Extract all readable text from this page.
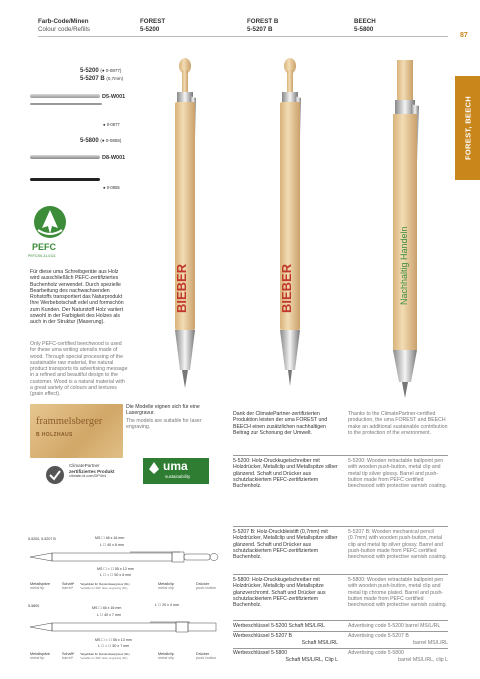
Farb-Code/Minen
Colour code/Refills
FOREST
5-5200
FOREST B
5-5207 B
BEECH
5-5800
87
FOREST, BEECH
5-5200 (● 0-0877)
5-5207 B (0,7mm)
D5-W001
● 0-0877
5-5800 (● 0-0855)
D8-W001
● 0-0855
PEFC
PEFC/06-31-0111
Für diese uma Schreibgeräte aus Holz wird ausschließlich PEFC-zertifiziertes Buchenholz verwendet. Durch spezielle Bearbeitung des nachwachsenden Rohstoffs transportiert das Naturprodukt Ihre Werbebotschaft edel und formschön zum Kunden. Der Naturstoff Holz variiert sowohl in der Farbigkeit des Holzes als auch in der Struktur (Maserung).
Only PEFC-certified beechwood is used for these uma writing utensils made of wood. Through special processing of the sustainable raw material, the natural product transports its advertising message in a refined and beautiful design to the customer. Wood is a natural material with a great variety of colours and textures (grain effect).
frammelsberger
B HOLZHAUS
Die Modelle eignen sich für eine Lasergravur.
The models are suitable for laser engraving.
BIEBER	BIEBER	Nachhaltig Handeln
Dank der ClimatePartner-zertifizierten Produktion leisten der uma FOREST und BEECH einen zusätzlichen nachhaltigen Beitrag zur Schonung der Umwelt.
Thanks to the ClimatePartner-certified production, the uma FOREST and BEECH make an additional sustainable contribution to the protection of the environment.
ClimatePartner
zertifiziertes Produkt
climate-id.com/DP4h4
uma
sustainability
5-5200: Holz-Druckkugelschreiber mit Holzdrücker, Metallclip und Metallspitze silber glänzend. Schaft und Drücker aus schutzlackiertem PEFC-zertifiziertem Buchenholz.
5-5200: Wooden retractable ballpoint pen with wooden push-button, metal clip and metal tip silver glossy. Barrel and push-button made from PEFC certified beechwood with protective varnish coating.
5-5207 B: Holz-Druckbleistift (0,7mm) mit Holzdrücker, Metallclip und Metallspitze silber glänzend. Schaft und Drücker aus schutzlackiertem PEFC-zertifiziertem Buchenholz.
5-5207 B: Wooden mechanical pencil (0.7mm) with wooden push-button, metal clip and metal tip silver glossy. Barrel and push-button made from PEFC certified beechwood with protective varnish coating.
5-5800: Holz-Druckkugelschreiber mit Holzdrücker, Metallclip und Metallspitze glanzverchromt. Schaft und Drücker aus schutzlackiertem PEFC-zertifiziertem Buchenholz.
5-5800: Wooden retractable ballpoint pen with wooden push-button, metal clip and metal tip chrome plated. Barrel and push-button made from PEFC certified beechwood with protective varnish coating.
Werbeschlüssel 5-5200 Schaft MS/L/RL	Advertising code 5-5200 barrel MS/L/RL
Werbeschlüssel 5-5207 B
Schaft MS/L/RL
Advertising code 5-5207 B
barrel MS/L/RL
Werbeschlüssel 5-5800
Schaft MS/L/RL, Clip L
Advertising code 5-5800
barrel MS/L/RL, clip L
5-5200, 5-5207 B	MS ☐ 46 x 16 mm
L ☐ 40 x 8 mm
MS ☐ = ☐ 55 x 13 mm
L ☐ = ☐ 50 x 6 mm
Metallspitze
metal tip
Schaft*
barrel*
*abgebildet für Rundumlasergravur (RL)
*suitable for 360° laser engraving (RL)
Metallclip
metal clip
Drücker
push-button
5-5800	MS ☐ 46 x 16 mm
L ☐ 40 x 7 mm
L ☐ 20 x 4 mm
MS ☐ = ☐ 55 x 13 mm
L ☐ = ☐ 50 x 7 mm
Metallspitze
metal tip
Schaft*
barrel*
*abgebildet für Rundumlasergravur (RL)
*suitable for 360° laser engraving (RL)
Metallclip
metal clip
Drücker
push-button
